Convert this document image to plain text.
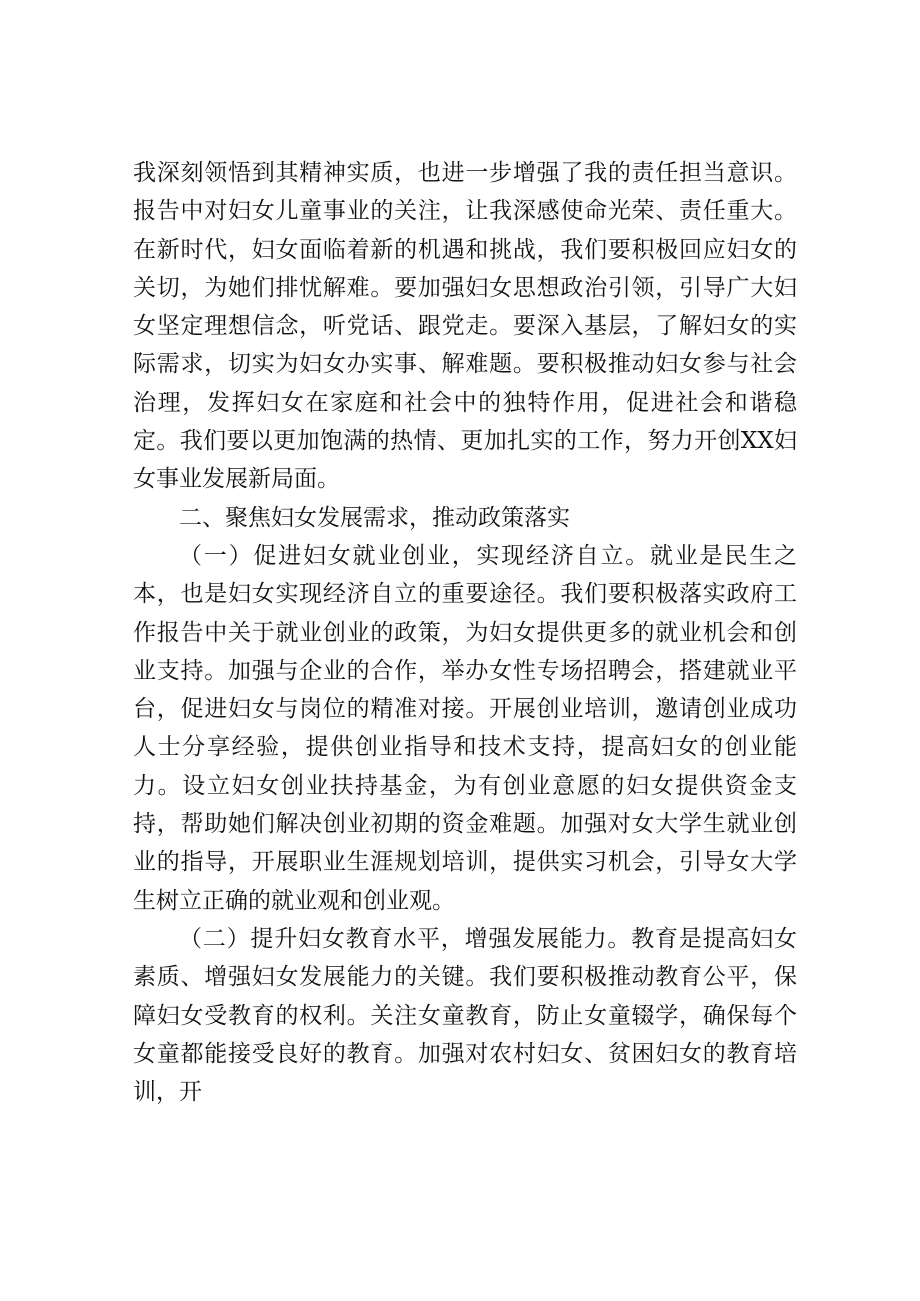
我深刻领悟到其精神实质，也进一步增强了我的责任担当意识。报告中对妇女儿童事业的关注，让我深感使命光荣、责任重大。在新时代，妇女面临着新的机遇和挑战，我们要积极回应妇女的关切，为她们排忧解难。要加强妇女思想政治引领，引导广大妇女坚定理想信念，听党话、跟党走。要深入基层，了解妇女的实际需求，切实为妇女办实事、解难题。要积极推动妇女参与社会治理，发挥妇女在家庭和社会中的独特作用，促进社会和谐稳定。我们要以更加饱满的热情、更加扎实的工作，努力开创XX妇女事业发展新局面。

二、聚焦妇女发展需求，推动政策落实

（一）促进妇女就业创业，实现经济自立。就业是民生之本，也是妇女实现经济自立的重要途径。我们要积极落实政府工作报告中关于就业创业的政策，为妇女提供更多的就业机会和创业支持。加强与企业的合作，举办女性专场招聘会，搭建就业平台，促进妇女与岗位的精准对接。开展创业培训，邀请创业成功人士分享经验，提供创业指导和技术支持，提高妇女的创业能力。设立妇女创业扶持基金，为有创业意愿的妇女提供资金支持，帮助她们解决创业初期的资金难题。加强对女大学生就业创业的指导，开展职业生涯规划培训，提供实习机会，引导女大学生树立正确的就业观和创业观。

（二）提升妇女教育水平，增强发展能力。教育是提高妇女素质、增强妇女发展能力的关键。我们要积极推动教育公平，保障妇女受教育的权利。关注女童教育，防止女童辍学，确保每个女童都能接受良好的教育。加强对农村妇女、贫困妇女的教育培训，开
